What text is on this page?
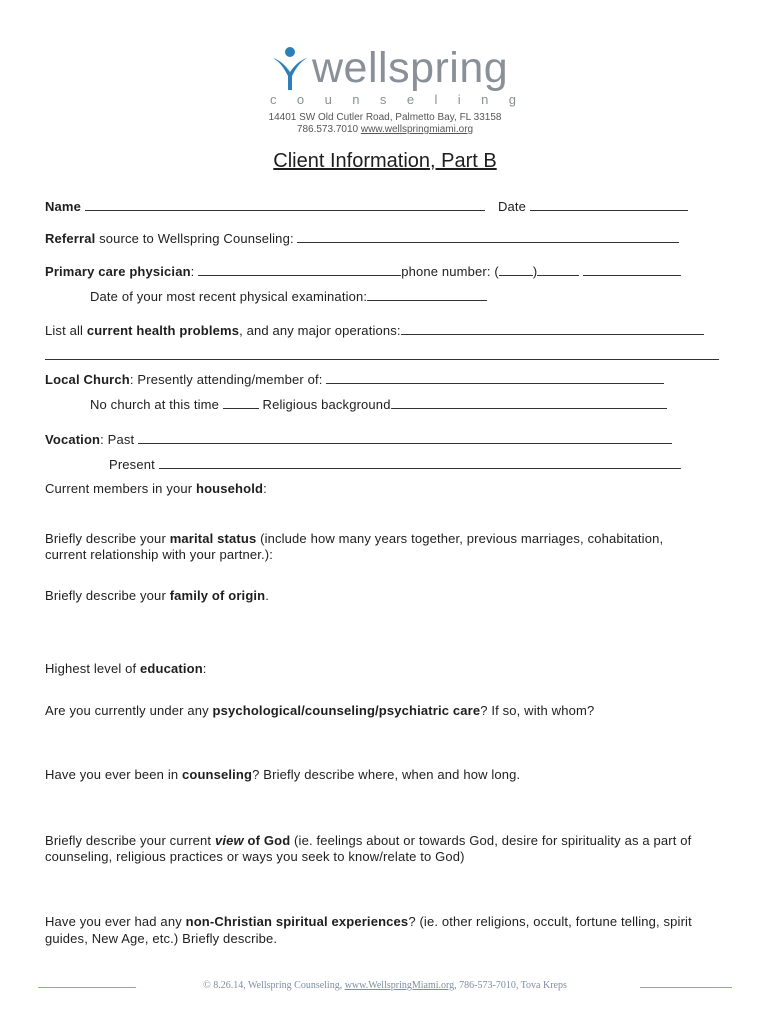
wellspring
c o u n s e l i n g
14401 SW Old Cutler Road, Palmetto Bay, FL 33158
786.573.7010 www.wellspringmiami.org
Client Information, Part B
Name	Date
Referral source to Wellspring Counseling:
Primary care physician:	phone number: (	)
Date of your most recent physical examination:
List all current health problems, and any major operations:
Local Church: Presently attending/member of:
No church at this time	Religious background
Vocation: Past
Present
Current members in your household:
Briefly describe your marital status (include how many years together, previous marriages, cohabitation,
current relationship with your partner.):
Briefly describe your family of origin.
Highest level of education:
Are you currently under any psychological/counseling/psychiatric care? If so, with whom?
Have you ever been in counseling? Briefly describe where, when and how long.
Briefly describe your current view of God (ie. feelings about or towards God, desire for spirituality as a part of
counseling, religious practices or ways you seek to know/relate to God)
Have you ever had any non-Christian spiritual experiences? (ie. other religions, occult, fortune telling, spirit
guides, New Age, etc.) Briefly describe.
© 8.26.14, Wellspring Counseling, www.WellspringMiami.org, 786-573-7010, Tova Kreps
